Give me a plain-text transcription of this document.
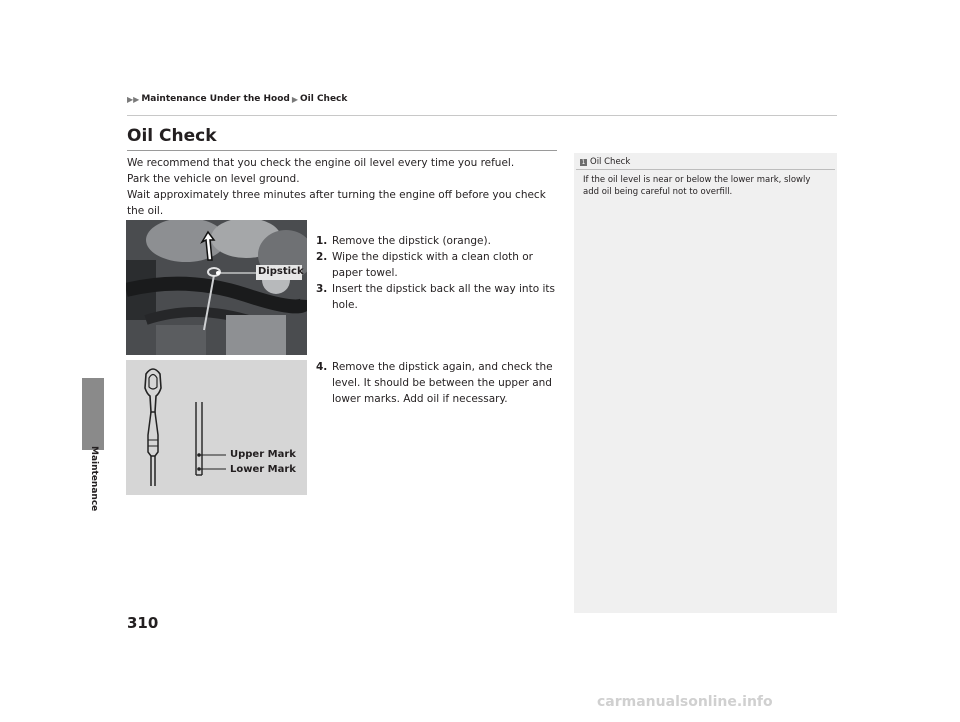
▶▶ Maintenance Under the Hood ▶ Oil Check
Maintenance
Oil Check

We recommend that you check the engine oil level every time you refuel.

Park the vehicle on level ground.

Wait approximately three minutes after turning the engine off before you check the oil.

Dipstick
1. Remove the dipstick (orange).
2. Wipe the dipstick with a clean cloth or paper towel.
3. Insert the dipstick back all the way into its hole.
Upper Mark
Lower Mark
4. Remove the dipstick again, and check the level. It should be between the upper and lower marks. Add oil if necessary.
1 Oil Check
If the oil level is near or below the lower mark, slowly add oil being careful not to overfill.
310
carmanualsonline.info
